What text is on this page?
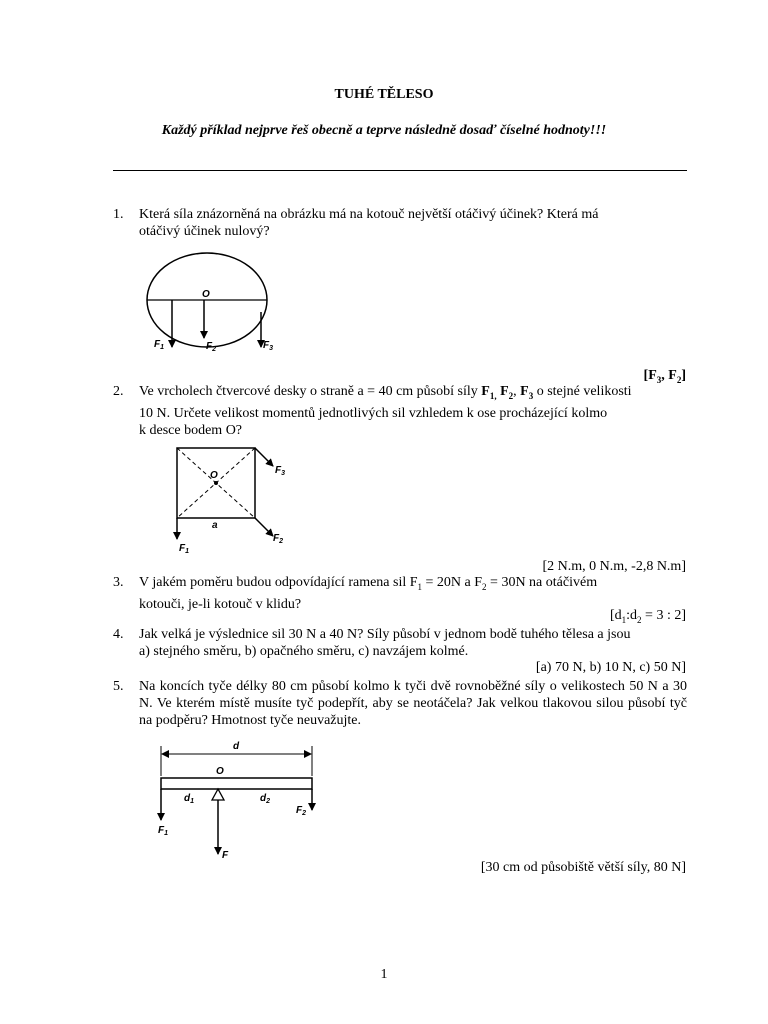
TUHÉ TĚLESO
Každý příklad nejprve řeš obecně a teprve následně dosaď číselné hodnoty!!!
1.	Která síla znázorněná na obrázku má na kotouč největší otáčivý účinek? Která má
otáčivý účinek nulový?
O
$F_1$	$F_2$	$F_3$
[$F_3$, $F_2$]
2.	Ve vrcholech čtvercové desky o straně a = 40 cm působí síly $F_{1,}$ $F_2$, $F_3$ o stejné velikosti
10 N. Určete velikost momentů jednotlivých sil vzhledem k ose procházející kolmo
k desce bodem O?
O
a
$F_1$
$F_2$
$F_3$
[2 N.m, 0 N.m, -2,8 N.m]
3.	V jakém poměru budou odpovídající ramena sil $F_1 = 20N$ a $F_2 = 30N$ na otáčivém
kotouči, je-li kotouč v klidu?
[$d_1:d_2 = 3$ : 2]
4.	Jak velká je výslednice sil 30 N a 40 N? Síly působí v jednom bodě tuhého tělesa a jsou
a) stejného směru, b) opačného směru, c) navzájem kolmé.
[a) 70 N, b) 10 N, c) 50 N]
5.	Na koncích tyče délky 80 cm působí kolmo k tyči dvě rovnoběžné síly o velikostech 50 N a 30 N. Ve kterém místě musíte tyč podepřít, aby se neotáčela? Jak velkou tlakovou silou působí tyč na podpěru? Hmotnost tyče neuvažujte.
d
O
$d_1$	$d_2$
$F_1$
$F_2$
F
[30 cm od působiště větší síly, 80 N]
1
